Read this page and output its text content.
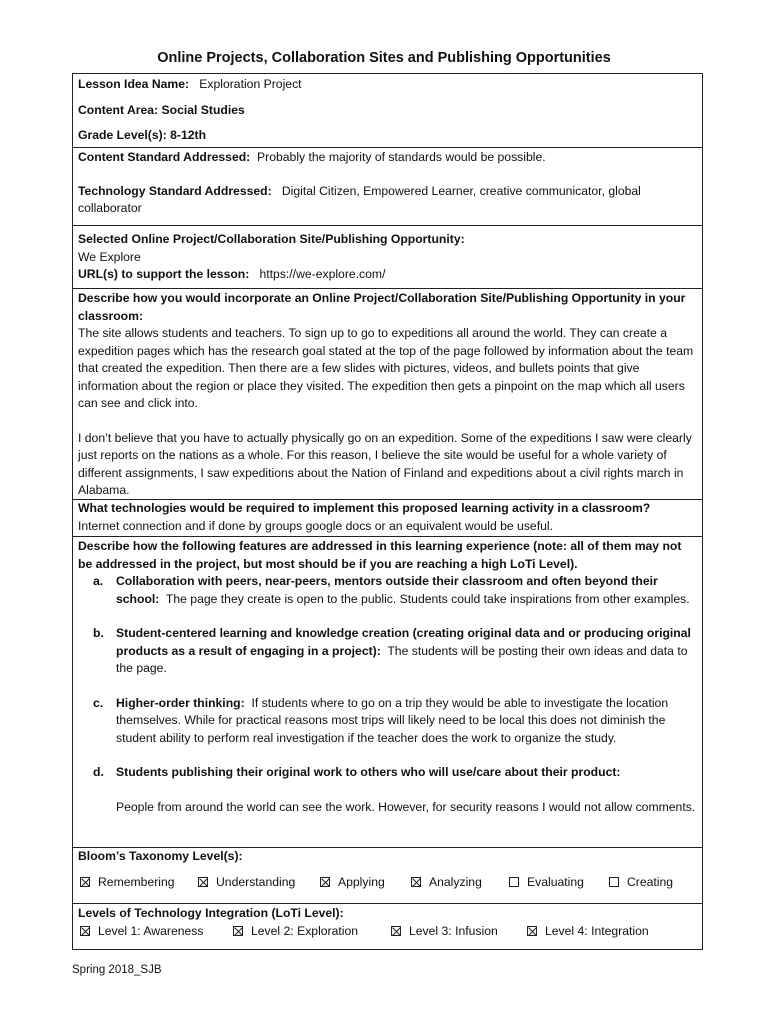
Online Projects, Collaboration Sites and Publishing Opportunities
Lesson Idea Name: Exploration Project
Content Area: Social Studies
Grade Level(s): 8-12th
Content Standard Addressed: Probably the majority of standards would be possible.
Technology Standard Addressed: Digital Citizen, Empowered Learner, creative communicator, global collaborator
Selected Online Project/Collaboration Site/Publishing Opportunity:
We Explore
URL(s) to support the lesson: https://we-explore.com/
Describe how you would incorporate an Online Project/Collaboration Site/Publishing Opportunity in your classroom:
The site allows students and teachers. To sign up to go to expeditions all around the world. They can create a expedition pages which has the research goal stated at the top of the page followed by information about the team that created the expedition. Then there are a few slides with pictures, videos, and bullets points that give information about the region or place they visited. The expedition then gets a pinpoint on the map which all users can see and click into.
I don’t believe that you have to actually physically go on an expedition. Some of the expeditions I saw were clearly just reports on the nations as a whole. For this reason, I believe the site would be useful for a whole variety of different assignments, I saw expeditions about the Nation of Finland and expeditions about a civil rights march in Alabama.
What technologies would be required to implement this proposed learning activity in a classroom?
Internet connection and if done by groups google docs or an equivalent would be useful.
Describe how the following features are addressed in this learning experience (note: all of them may not be addressed in the project, but most should be if you are reaching a high LoTi Level).
a.	Collaboration with peers, near-peers, mentors outside their classroom and often beyond their school: The page they create is open to the public. Students could take inspirations from other examples.
b. Student-centered learning and knowledge creation (creating original data and or producing original products as a result of engaging in a project): The students will be posting their own ideas and data to the page.
c.	Higher-order thinking: If students where to go on a trip they would be able to investigate the location themselves. While for practical reasons most trips will likely need to be local this does not diminish the student ability to perform real investigation if the teacher does the work to organize the study.
d. Students publishing their original work to others who will use/care about their product:
People from around the world can see the work. However, for security reasons I would not allow comments.
Bloom’s Taxonomy Level(s):
Remembering	Understanding	Applying	Analyzing	Evaluating	Creating
Levels of Technology Integration (LoTi Level):
Level 1: Awareness	Level 2: Exploration	Level 3: Infusion	Level 4: Integration
Spring 2018_SJB
